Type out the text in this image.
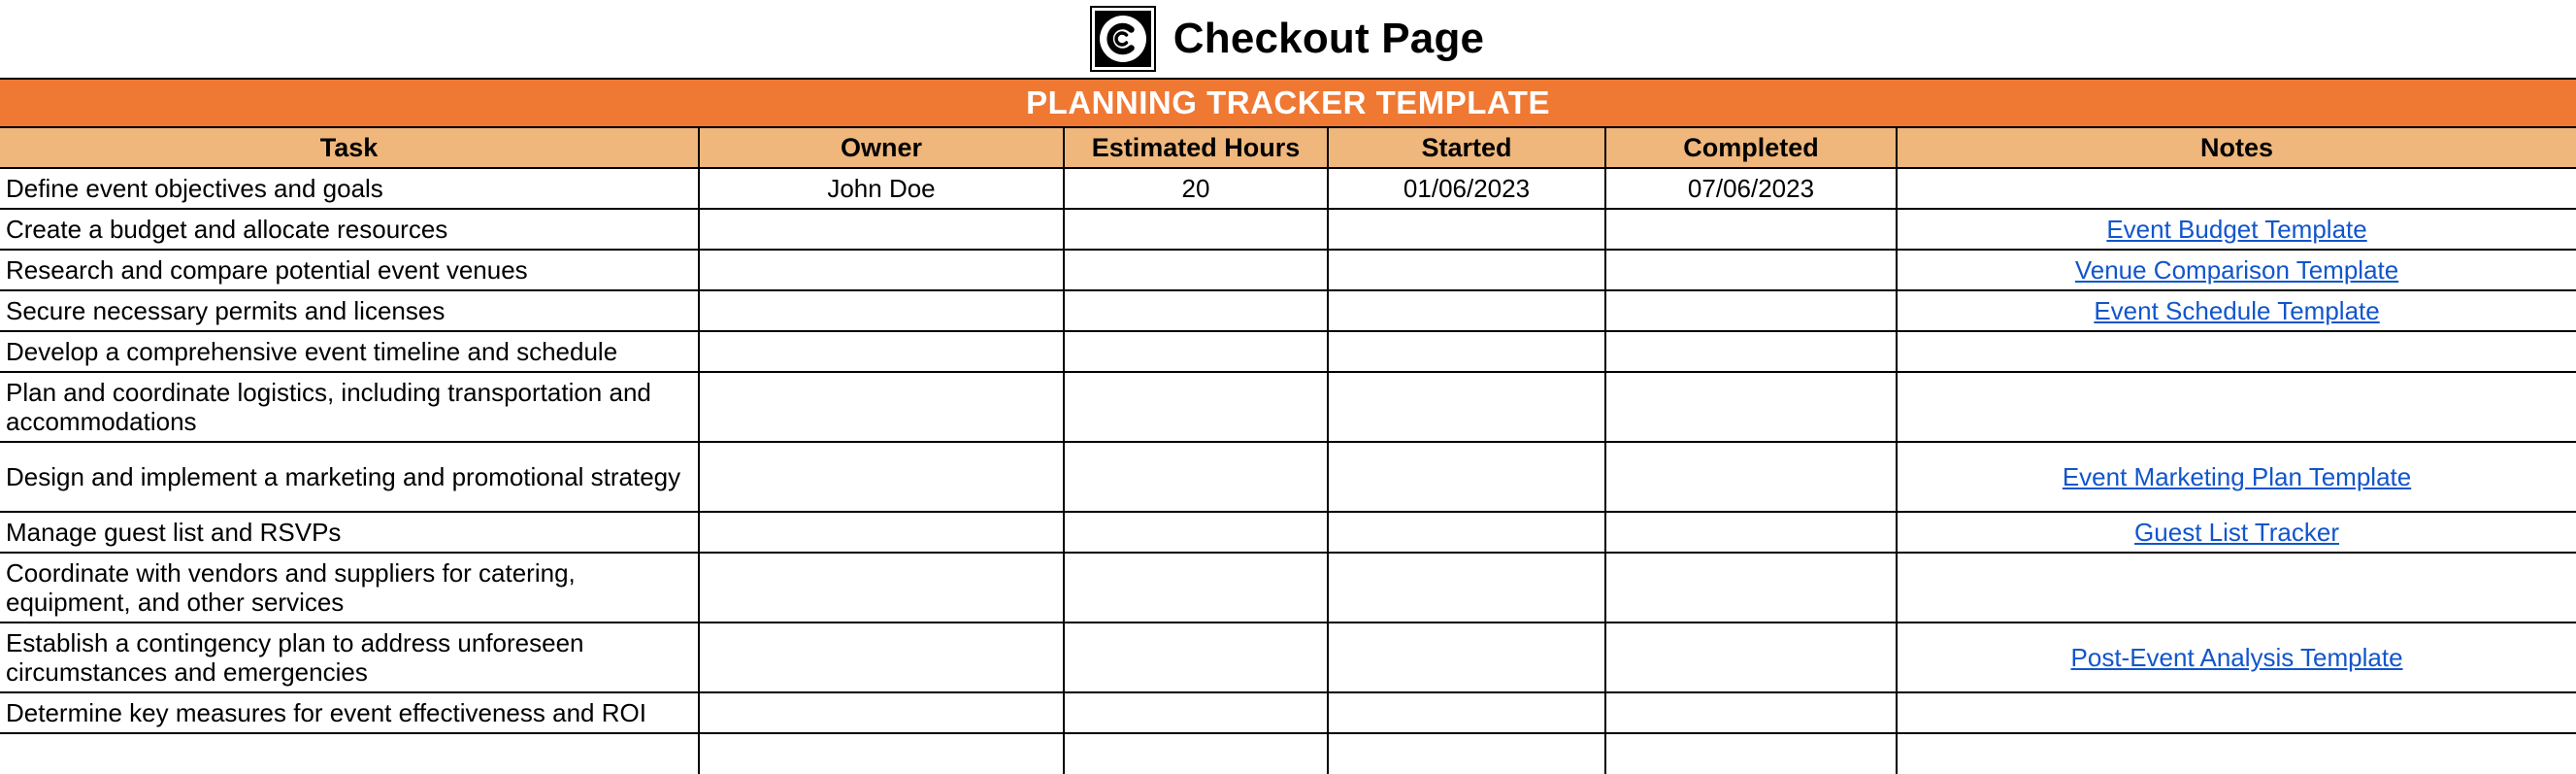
Checkout Page
PLANNING TRACKER TEMPLATE					
Task	Owner	Estimated Hours	Started	Completed	Notes
Define event objectives and goals	John Doe	20	01/06/2023	07/06/2023	
Create a budget and allocate resources					Event Budget Template
Research and compare potential event venues					Venue Comparison Template
Secure necessary permits and licenses					Event Schedule Template
Develop a comprehensive event timeline and schedule					
Plan and coordinate logistics, including transportation and accommodations					
Design and implement a marketing and promotional strategy					Event Marketing Plan Template
Manage guest list and RSVPs					Guest List Tracker
Coordinate with vendors and suppliers for catering, equipment, and other services					
Establish a contingency plan to address unforeseen circumstances and emergencies					Post-Event Analysis Template
Determine key measures for event effectiveness and ROI					
